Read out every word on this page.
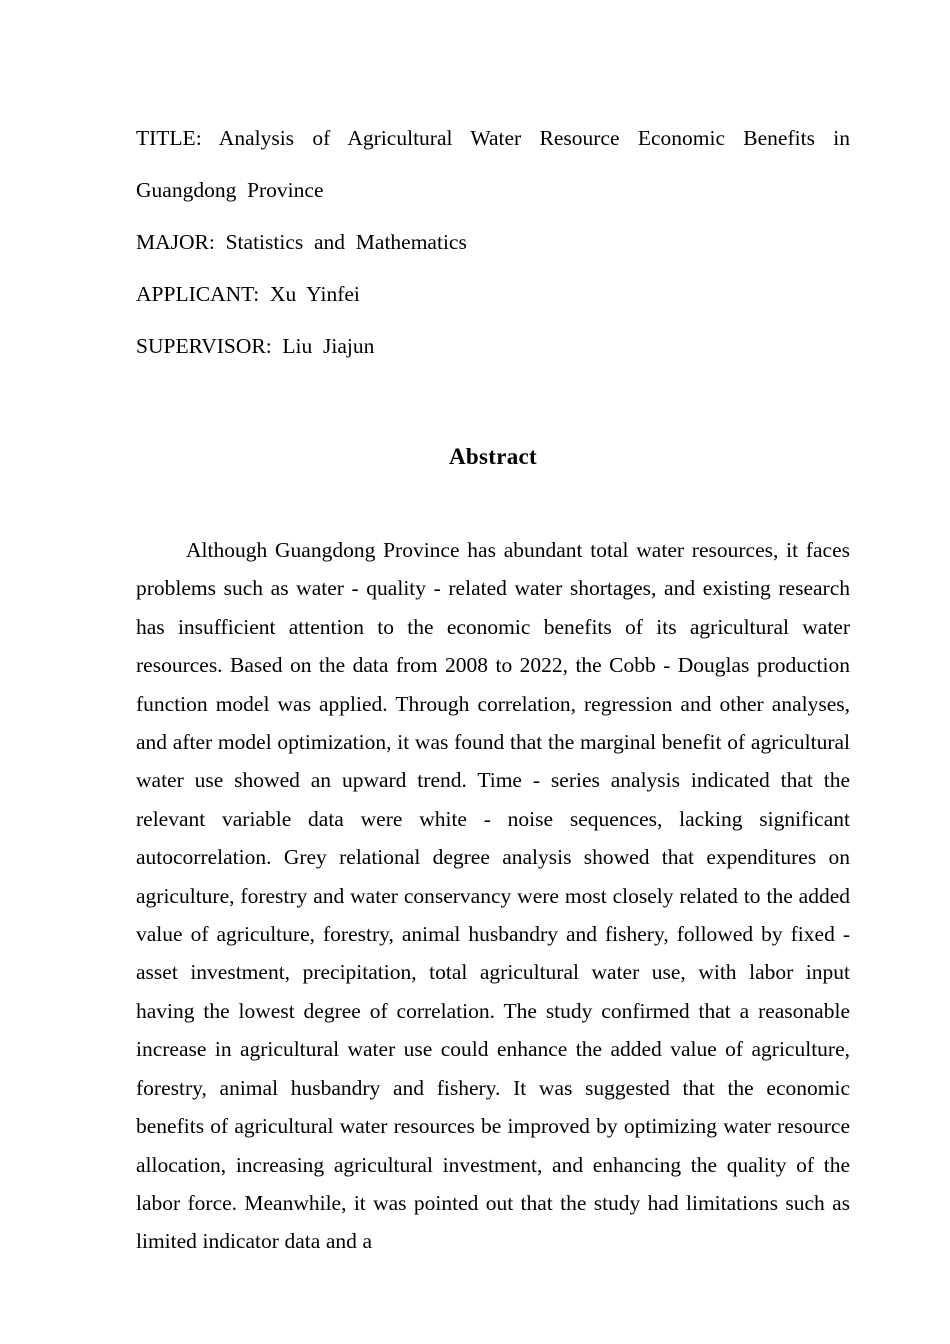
TITLE:  Analysis  of  Agricultural  Water  Resource  Economic  Benefits  in Guangdong  Province

MAJOR:  Statistics  and  Mathematics

APPLICANT:  Xu  Yinfei

SUPERVISOR:  Liu  Jiajun

Abstract

Although Guangdong Province has abundant total water resources, it faces problems such as water - quality - related water shortages, and existing research has insufficient attention to the economic benefits of its agricultural water resources. Based on the data from 2008 to 2022, the Cobb - Douglas production function model was applied. Through correlation, regression and other analyses, and after model optimization, it was found that the marginal benefit of agricultural water use showed an upward trend. Time - series analysis indicated that the relevant variable data were white - noise sequences, lacking significant autocorrelation. Grey relational degree analysis showed that expenditures on agriculture, forestry and water conservancy were most closely related to the added value of agriculture, forestry, animal husbandry and fishery, followed by fixed - asset investment, precipitation, total agricultural water use, with labor input having the lowest degree of correlation. The study confirmed that a reasonable increase in agricultural water use could enhance the added value of agriculture, forestry, animal husbandry and fishery. It was suggested that the economic benefits of agricultural water resources be improved by optimizing water resource allocation, increasing agricultural investment, and enhancing the quality of the labor force. Meanwhile, it was pointed out that the study had limitations such as limited indicator data and a
